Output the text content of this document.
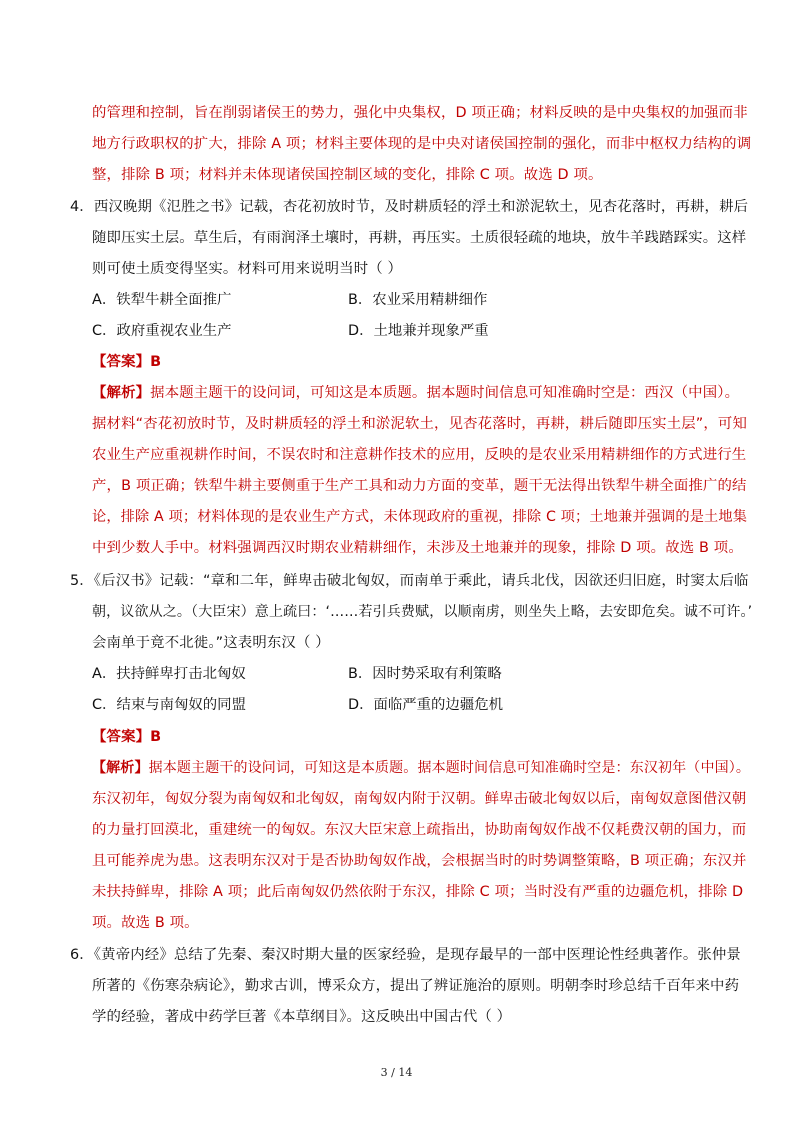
的管理和控制，旨在削弱诸侯王的势力，强化中央集权，D 项正确；材料反映的是中央集权的加强而非
地方行政职权的扩大，排除 A 项；材料主要体现的是中央对诸侯国控制的强化，而非中枢权力结构的调
整，排除 B 项；材料并未体现诸侯国控制区域的变化，排除 C 项。故选 D 项。
4．西汉晚期《氾胜之书》记载，杏花初放时节，及时耕质轻的浮土和淤泥软土，见杏花落时，再耕，耕后
随即压实土层。草生后，有雨润泽土壤时，再耕，再压实。土质很轻疏的地块，放牛羊践踏踩实。这样
则可使土质变得坚实。材料可用来说明当时（ ）
A．铁犁牛耕全面推广	B．农业采用精耕细作
C．政府重视农业生产	D．土地兼并现象严重
【答案】B
【解析】据本题主题干的设问词，可知这是本质题。据本题时间信息可知准确时空是：西汉（中国）。
据材料“杏花初放时节，及时耕质轻的浮土和淤泥软土，见杏花落时，再耕，耕后随即压实土层”，可知
农业生产应重视耕作时间，不误农时和注意耕作技术的应用，反映的是农业采用精耕细作的方式进行生
产，B 项正确；铁犁牛耕主要侧重于生产工具和动力方面的变革，题干无法得出铁犁牛耕全面推广的结
论，排除 A 项；材料体现的是农业生产方式，未体现政府的重视，排除 C 项；土地兼并强调的是土地集
中到少数人手中。材料强调西汉时期农业精耕细作，未涉及土地兼并的现象，排除 D 项。故选 B 项。
5．《后汉书》记载：“章和二年，鲜卑击破北匈奴，而南单于乘此，请兵北伐，因欲还归旧庭，时窦太后临
朝，议欲从之。（大臣宋）意上疏曰：‘……若引兵费赋，以顺南虏，则坐失上略，去安即危矣。诚不可许。’
会南单于竟不北徙。”这表明东汉（ ）
A．扶持鲜卑打击北匈奴	B．因时势采取有利策略
C．结束与南匈奴的同盟	D．面临严重的边疆危机
【答案】B
【解析】据本题主题干的设问词，可知这是本质题。据本题时间信息可知准确时空是：东汉初年（中国）。
东汉初年，匈奴分裂为南匈奴和北匈奴，南匈奴内附于汉朝。鲜卑击破北匈奴以后，南匈奴意图借汉朝
的力量打回漠北，重建统一的匈奴。东汉大臣宋意上疏指出，协助南匈奴作战不仅耗费汉朝的国力，而
且可能养虎为患。这表明东汉对于是否协助匈奴作战，会根据当时的时势调整策略，B 项正确；东汉并
未扶持鲜卑，排除 A 项；此后南匈奴仍然依附于东汉，排除 C 项；当时没有严重的边疆危机，排除 D
项。故选 B 项。
6．《黄帝内经》总结了先秦、秦汉时期大量的医家经验，是现存最早的一部中医理论性经典著作。张仲景
所著的《伤寒杂病论》，勤求古训，博采众方，提出了辨证施治的原则。明朝李时珍总结千百年来中药
学的经验，著成中药学巨著《本草纲目》。这反映出中国古代（ ）
3 / 14
